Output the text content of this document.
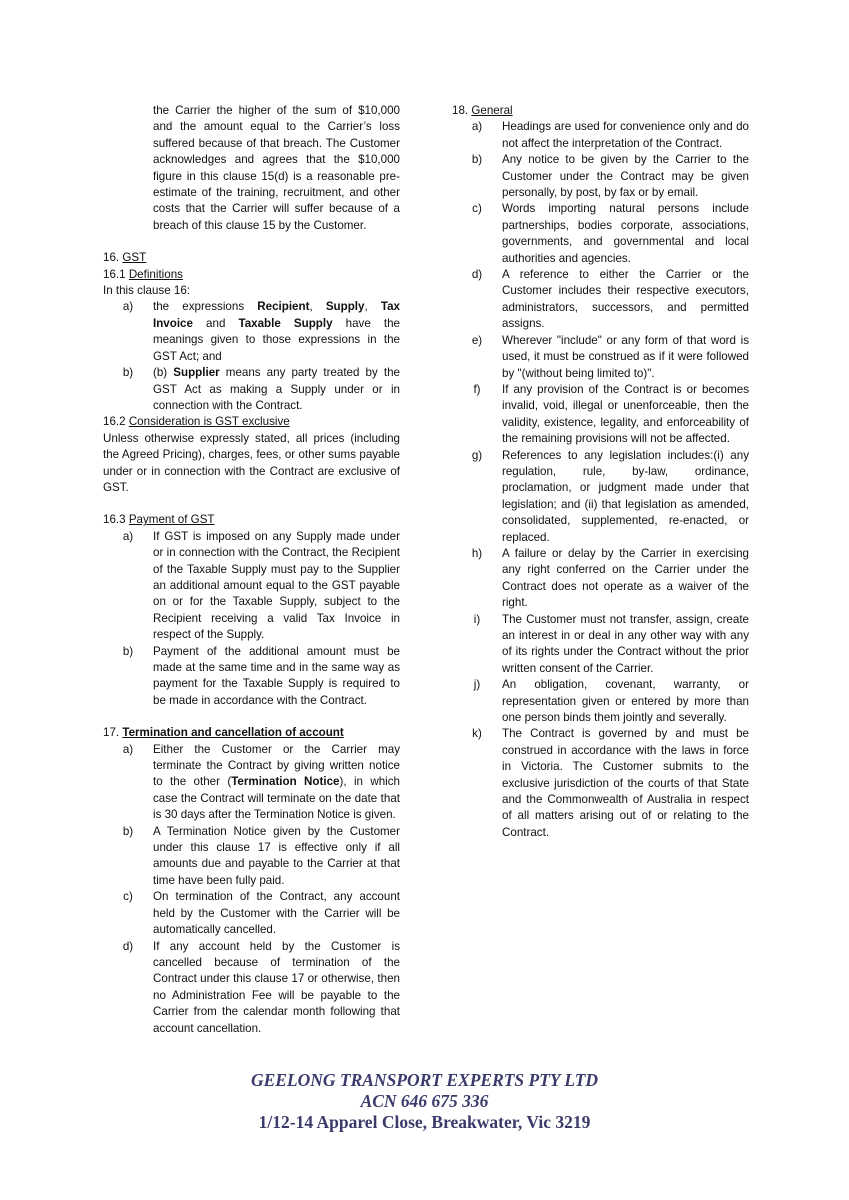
the Carrier the higher of the sum of $10,000 and the amount equal to the Carrier’s loss suffered because of that breach. The Customer acknowledges and agrees that the $10,000 figure in this clause 15(d) is a reasonable pre-estimate of the training, recruitment, and other costs that the Carrier will suffer because of a breach of this clause 15 by the Customer.

16. GST
16.1 Definitions

In this clause 16:

a)	the expressions Recipient, Supply, Tax Invoice and Taxable Supply have the meanings given to those expressions in the GST Act; and
b)	(b) Supplier means any party treated by the GST Act as making a Supply under or in connection with the Contract.
16.2 Consideration is GST exclusive

Unless otherwise expressly stated, all prices (including the Agreed Pricing), charges, fees, or other sums payable under or in connection with the Contract are exclusive of GST.

16.3 Payment of GST
a)	If GST is imposed on any Supply made under or in connection with the Contract, the Recipient of the Taxable Supply must pay to the Supplier an additional amount equal to the GST payable on or for the Taxable Supply, subject to the Recipient receiving a valid Tax Invoice in respect of the Supply.
b)	Payment of the additional amount must be made at the same time and in the same way as payment for the Taxable Supply is required to be made in accordance with the Contract.
17. Termination and cancellation of account
a)	Either the Customer or the Carrier may terminate the Contract by giving written notice to the other (Termination Notice), in which case the Contract will terminate on the date that is 30 days after the Termination Notice is given.
b)	A Termination Notice given by the Customer under this clause 17 is effective only if all amounts due and payable to the Carrier at that time have been fully paid.
c)	On termination of the Contract, any account held by the Customer with the Carrier will be automatically cancelled.
d)	If any account held by the Customer is cancelled because of termination of the Contract under this clause 17 or otherwise, then no Administration Fee will be payable to the Carrier from the calendar month following that account cancellation.
18. General
a)	Headings are used for convenience only and do not affect the interpretation of the Contract.
b)	Any notice to be given by the Carrier to the Customer under the Contract may be given personally, by post, by fax or by email.
c)	Words importing natural persons include partnerships, bodies corporate, associations, governments, and governmental and local authorities and agencies.
d)	A reference to either the Carrier or the Customer includes their respective executors, administrators, successors, and permitted assigns.
e)	Wherever "include" or any form of that word is used, it must be construed as if it were followed by "(without being limited to)".
f)	If any provision of the Contract is or becomes invalid, void, illegal or unenforceable, then the validity, existence, legality, and enforceability of the remaining provisions will not be affected.
g)	References to any legislation includes:(i) any regulation, rule, by-law, ordinance, proclamation, or judgment made under that legislation; and (ii) that legislation as amended, consolidated, supplemented, re-enacted, or replaced.
h)	A failure or delay by the Carrier in exercising any right conferred on the Carrier under the Contract does not operate as a waiver of the right.
i)	The Customer must not transfer, assign, create an interest in or deal in any other way with any of its rights under the Contract without the prior written consent of the Carrier.
j)	An obligation, covenant, warranty, or representation given or entered by more than one person binds them jointly and severally.
k)	The Contract is governed by and must be construed in accordance with the laws in force in Victoria. The Customer submits to the exclusive jurisdiction of the courts of that State and the Commonwealth of Australia in respect of all matters arising out of or relating to the Contract.
GEELONG TRANSPORT EXPERTS PTY LTD
ACN 646 675 336
1/12-14 Apparel Close, Breakwater, Vic 3219
